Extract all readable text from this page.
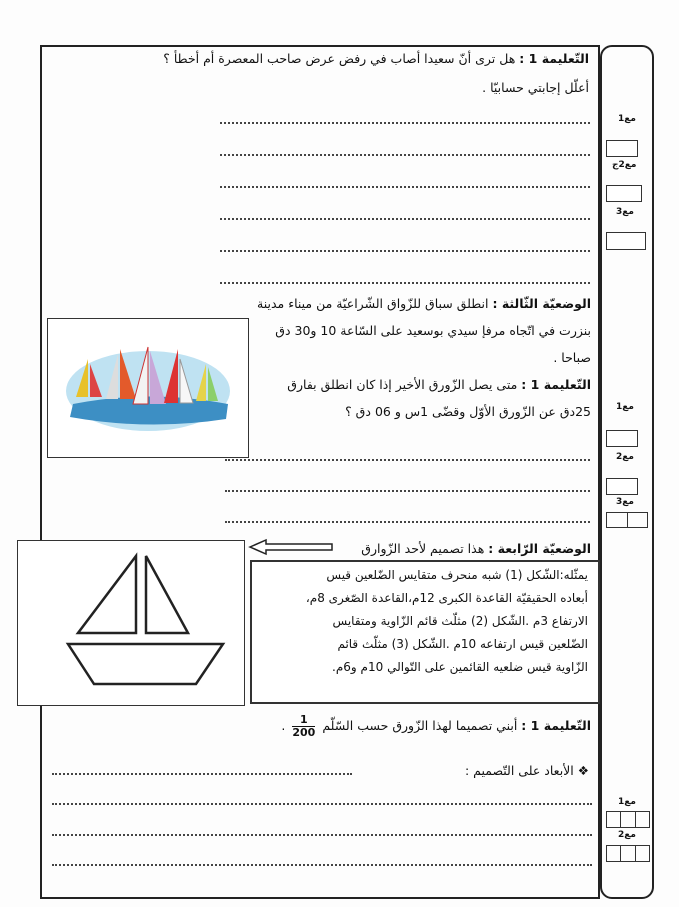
التّعليمة 1 : هل ترى أنّ سعيدا أصاب في رفض عرض صاحب المعصرة أم أخطأ ؟
أعلّل إجابتي حسابيّا .
الوضعيّة الثّالثة : انطلق سباق للزّواق الشّراعيّة من ميناء مدينة
بنزرت في اتّجاه مرفإ سيدي بوسعيد على السّاعة 10 و30 دق
صباحا .
التّعليمة 1 : متى يصل الزّورق الأخير إذا كان انطلق بفارق
25دق عن الزّورق الأوّل وقضّى 1س و 06 دق ؟
الوضعيّة الرّابعة : هذا تصميم لأحد الزّوارق
يمثّله:الشّكل (1) شبه منحرف متقايس الضّلعين قيس
أبعاده الحقيقيّة القاعدة الكبرى 12م،القاعدة الصّغرى 8م،
الارتفاع 3م .الشّكل (2) مثلّث قائم الزّاوية ومتقايس
الضّلعين قيس ارتفاعه 10م .الشّكل (3) مثلّث قائم
الزّاوية قيس ضلعيه القائمين على التّوالي 10م و6م.
التّعليمة 1 : أبني تصميما لهذا الزّورق حسب السّلّم
$\frac{1}{200}$
.
❖ الأبعاد على التّصميم :
مع1
مع2ج
مع3
مع1
مع2
مع3
مع1
مع2
